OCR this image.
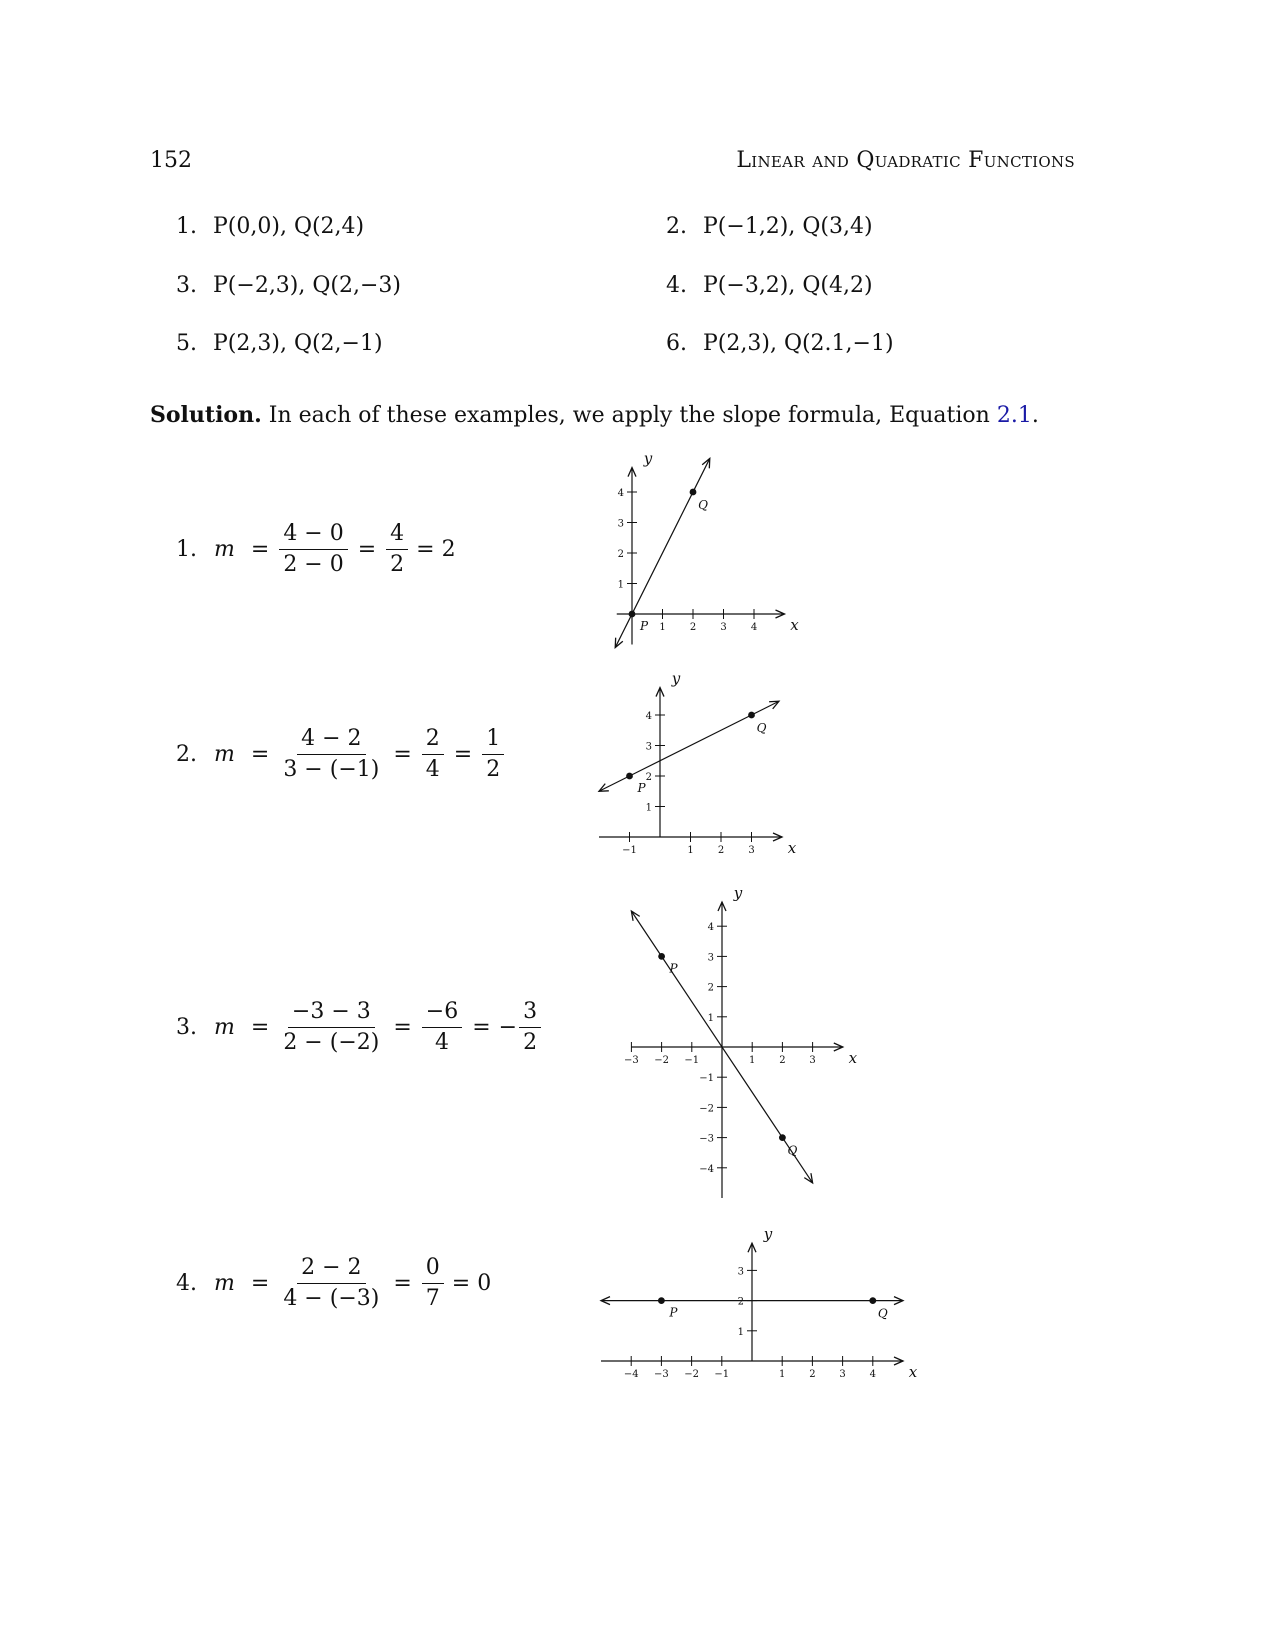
152	Linear and Quadratic Functions
1. P(0,0), Q(2,4)	2. P(−1,2), Q(3,4)
3. P(−2,3), Q(2,−3)	4. P(−3,2), Q(4,2)
5. P(2,3), Q(2,−1)	6. P(2,3), Q(2.1,−1)
Solution. In each of these examples, we apply the slope formula, Equation 2.1.
1. $m = \frac{4 - 0}{2 - 0} = \frac{4}{2} = 2$
2. $m = \frac{4 - 2}{3 - (-1)} = \frac{2}{4} = \frac{1}{2}$
3. $m = \frac{-3 - 3}{2 - (-2)} = \frac{-6}{4}$ = − $\frac{3}{2}$
4. $m = \frac{2 - 2}{4 - (-3)} = \frac{0}{7} = 0$
x
y
1 2 3 4
1
2
3
4
P
Q
x
y
−1	1 2 3
1
2
3
4
P
Q
x
y
−3 −2 −1	1 2 3
−4
−3
−2
−1
1
2
3
4
P
Q
x
y
−4 −3 −2 −1	1 2 3 4
1
2
3
P	Q
